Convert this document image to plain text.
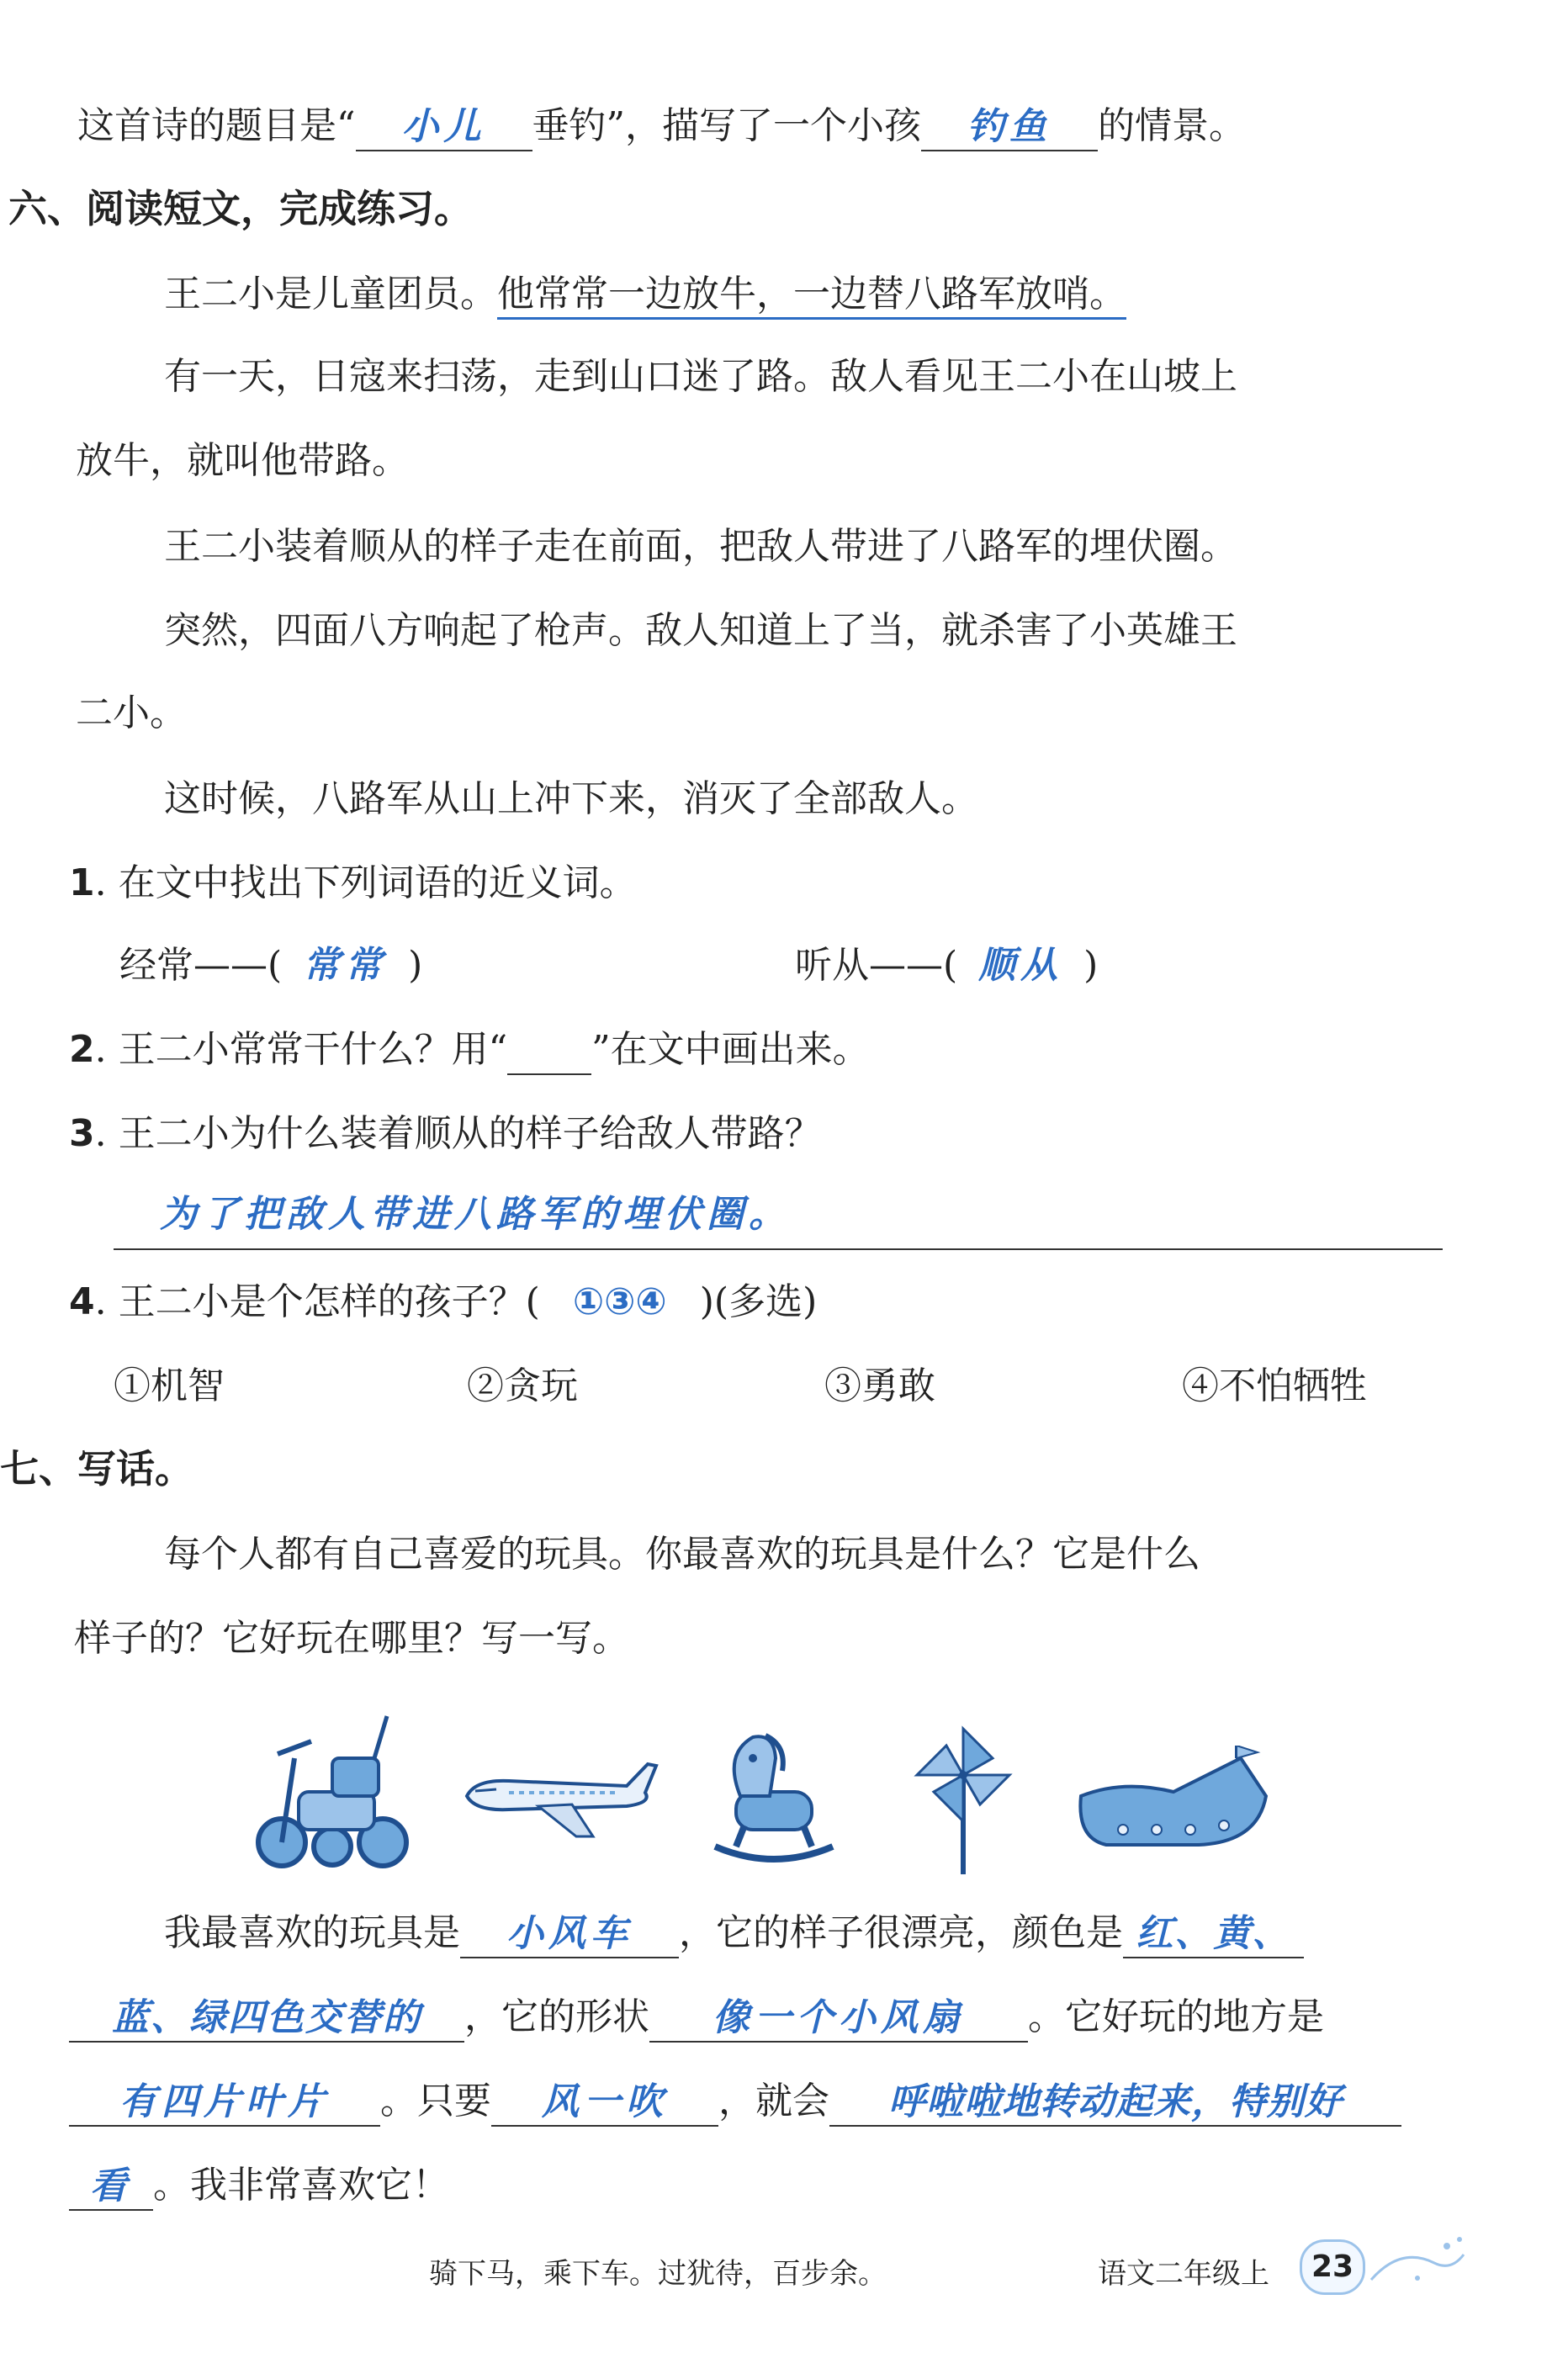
这首诗的题目是“ 小儿 垂钓”，描写了一个小孩 钓鱼 的情景。
六、阅读短文，完成练习。
王二小是儿童团员。他常常一边放牛，一边替八路军放哨。
有一天，日寇来扫荡，走到山口迷了路。敌人看见王二小在山坡上
放牛，就叫他带路。
王二小装着顺从的样子走在前面，把敌人带进了八路军的埋伏圈。
突然，四面八方响起了枪声。敌人知道上了当，就杀害了小英雄王
二小。
这时候，八路军从山上冲下来，消灭了全部敌人。
1. 在文中找出下列词语的近义词。
经常——( 常常 )	听从——( 顺从 )
2. 王二小常常干什么？用“ ”在文中画出来。
3. 王二小为什么装着顺从的样子给敌人带路？
为了把敌人带进八路军的埋伏圈。
4. 王二小是个怎样的孩子？( ①③④ )(多选)
①机智	②贪玩	③勇敢	④不怕牺牲
七、写话。
每个人都有自己喜爱的玩具。你最喜欢的玩具是什么？它是什么
样子的？它好玩在哪里？写一写。
我最喜欢的玩具是 小风车 ，它的样子很漂亮，颜色是 红、黄、
蓝、绿四色交替的 ，它的形状 像一个小风扇 。它好玩的地方是
有四片叶片 。只要 风一吹 ，就会 呼啦啦地转动起来，特别好
看 。我非常喜欢它！
骑下马，乘下车。过犹待，百步余。	语文二年级上	23
